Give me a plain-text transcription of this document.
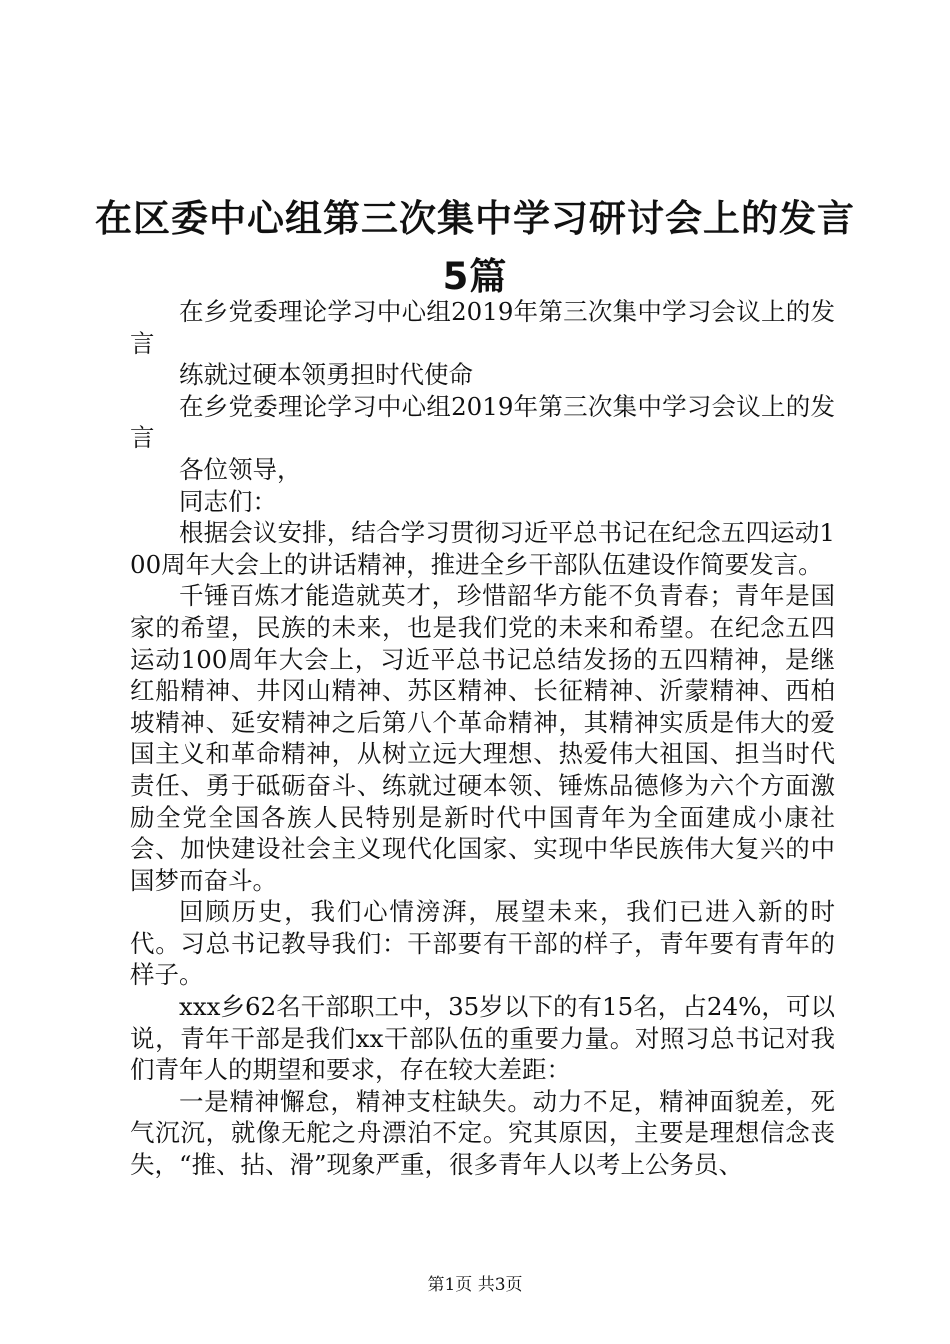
在区委中心组第三次集中学习研讨会上的发言
5篇

在乡党委理论学习中心组2019年第三次集中学习会议上的发言

练就过硬本领勇担时代使命

在乡党委理论学习中心组2019年第三次集中学习会议上的发言

各位领导，

同志们：

根据会议安排，结合学习贯彻习近平总书记在纪念五四运动100周年大会上的讲话精神，推进全乡干部队伍建设作简要发言。

千锤百炼才能造就英才，珍惜韶华方能不负青春；青年是国家的希望，民族的未来，也是我们党的未来和希望。在纪念五四运动100周年大会上，习近平总书记总结发扬的五四精神，是继红船精神、井冈山精神、苏区精神、长征精神、沂蒙精神、西柏坡精神、延安精神之后第八个革命精神，其精神实质是伟大的爱国主义和革命精神，从树立远大理想、热爱伟大祖国、担当时代责任、勇于砥砺奋斗、练就过硬本领、锤炼品德修为六个方面激励全党全国各族人民特别是新时代中国青年为全面建成小康社会、加快建设社会主义现代化国家、实现中华民族伟大复兴的中国梦而奋斗。

回顾历史，我们心情滂湃，展望未来，我们已进入新的时代。习总书记教导我们：干部要有干部的样子，青年要有青年的样子。

xxx乡62名干部职工中，35岁以下的有15名，占24%，可以说，青年干部是我们xx干部队伍的重要力量。对照习总书记对我们青年人的期望和要求，存在较大差距：

一是精神懈怠，精神支柱缺失。动力不足，精神面貌差，死气沉沉，就像无舵之舟漂泊不定。究其原因，主要是理想信念丧失，“推、拈、滑”现象严重，很多青年人以考上公务员、

第1页 共3页
